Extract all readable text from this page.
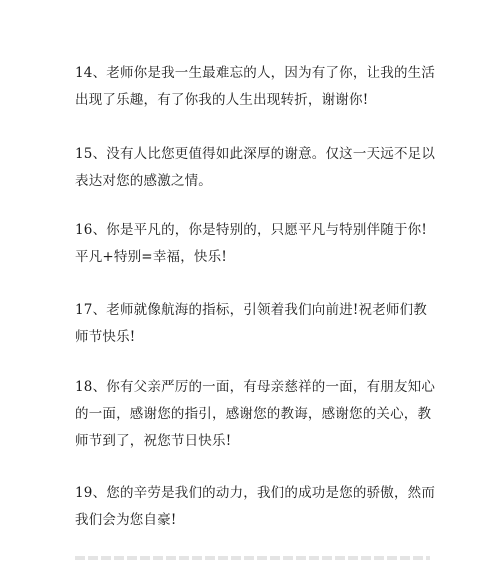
14、老师你是我一生最难忘的人，因为有了你，让我的生活出现了乐趣，有了你我的人生出现转折，谢谢你!

15、没有人比您更值得如此深厚的谢意。仅这一天远不足以表达对您的感激之情。

16、你是平凡的，你是特别的，只愿平凡与特别伴随于你!平凡+特别=幸福，快乐!

17、老师就像航海的指标，引领着我们向前进!祝老师们教师节快乐!

18、你有父亲严厉的一面，有母亲慈祥的一面，有朋友知心的一面，感谢您的指引，感谢您的教诲，感谢您的关心，教师节到了，祝您节日快乐!

19、您的辛劳是我们的动力，我们的成功是您的骄傲，然而我们会为您自豪!
